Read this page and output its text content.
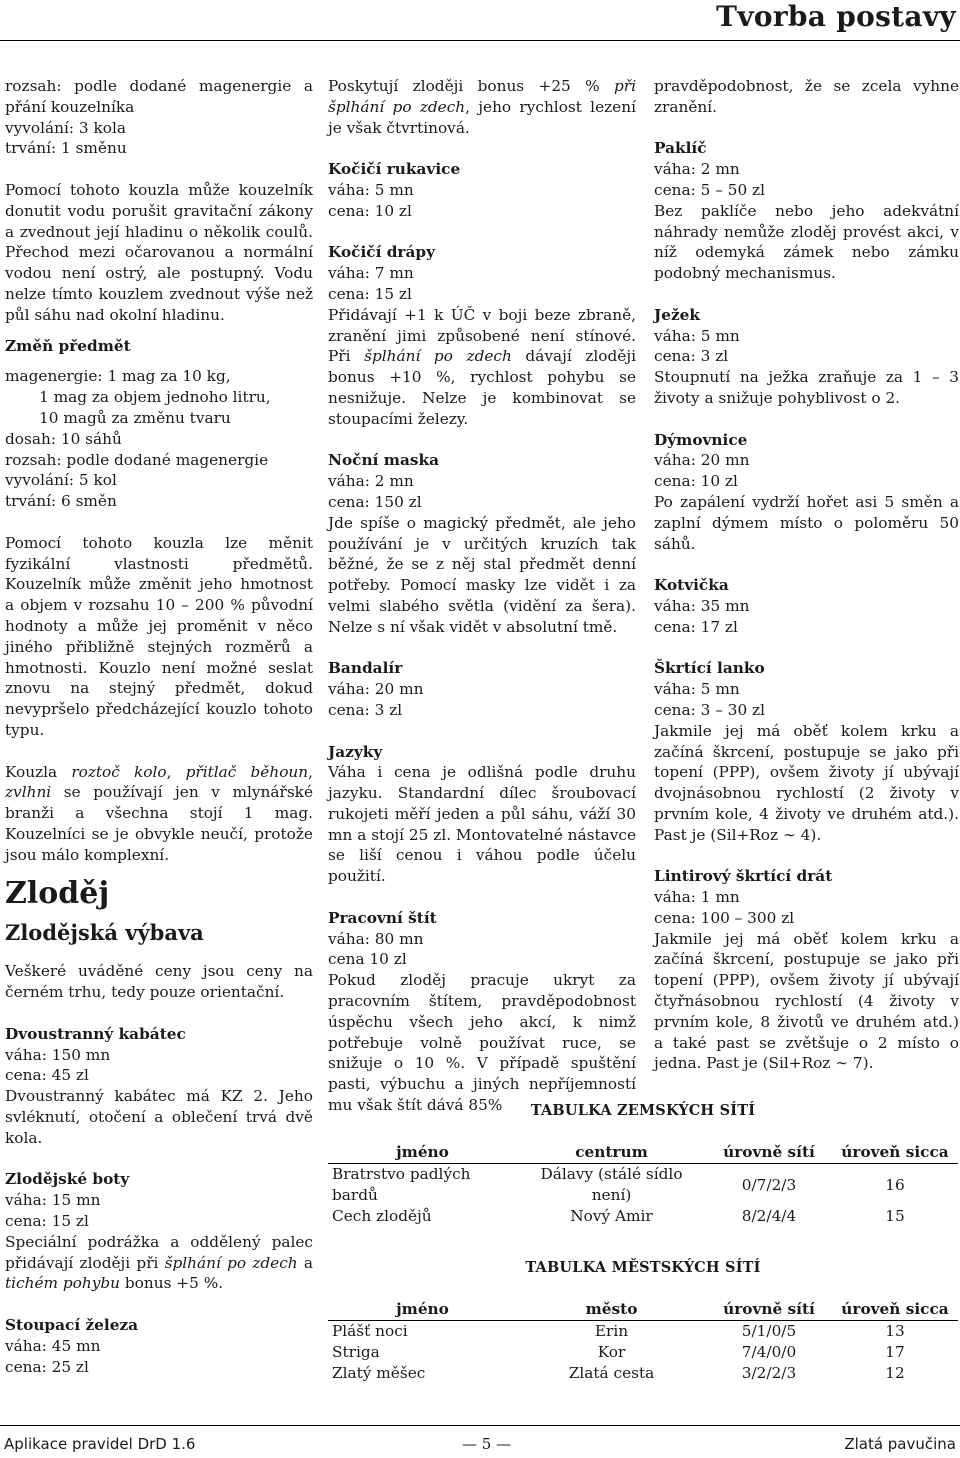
Tvorba postavy

rozsah: podle dodané magenergie a přání kouzelníka

vyvolání: 3 kola

trvání: 1 směnu

Pomocí tohoto kouzla může kouzelník donutit vodu porušit gravitační zákony a zvednout její hladinu o několik coulů. Přechod mezi očarovanou a normální vodou není ostrý, ale postupný. Vodu nelze tímto kouzlem zvednout výše než půl sáhu nad okolní hladinu.

Změň předmět

magenergie: 1 mag za 10 kg,

1 mag za objem jednoho litru,

10 magů za změnu tvaru

dosah: 10 sáhů

rozsah: podle dodané magenergie

vyvolání: 5 kol

trvání: 6 směn

Pomocí tohoto kouzla lze měnit fyzikální vlastnosti předmětů. Kouzelník může změnit jeho hmotnost a objem v rozsahu 10 – 200 % původní hodnoty a může jej proměnit v něco jiného přibližně stejných rozměrů a hmotnosti. Kouzlo není možné seslat znovu na stejný předmět, dokud nevypršelo předcházející kouzlo tohoto typu.

Kouzla roztoč kolo, přitlač běhoun, zvlhni se používají jen v mlynářské branži a všechna stojí 1 mag. Kouzelníci se je obvykle neučí, protože jsou málo komplexní.

Zloděj
Zlodějská výbava

Veškeré uváděné ceny jsou ceny na černém trhu, tedy pouze orientační.

Dvoustranný kabátec

váha: 150 mn

cena: 45 zl

Dvoustranný kabátec má KZ 2. Jeho svléknutí, otočení a oblečení trvá dvě kola.

Zlodějské boty

váha: 15 mn

cena: 15 zl

Speciální podrážka a oddělený palec přidávají zloději při šplhání po zdech a tichém pohybu bonus +5 %.

Stoupací železa

váha: 45 mn

cena: 25 zl

Poskytují zloději bonus +25 % při šplhání po zdech, jeho rychlost lezení je však čtvrtinová.

Kočičí rukavice

váha: 5 mn

cena: 10 zl

Kočičí drápy

váha: 7 mn

cena: 15 zl

Přidávají +1 k ÚČ v boji beze zbraně, zranění jimi způsobené není stínové. Při šplhání po zdech dávají zloději bonus +10 %, rychlost pohybu se nesnižuje. Nelze je kombinovat se stoupacími železy.

Noční maska

váha: 2 mn

cena: 150 zl

Jde spíše o magický předmět, ale jeho používání je v určitých kruzích tak běžné, že se z něj stal předmět denní potřeby. Pomocí masky lze vidět i za velmi slabého světla (vidění za šera). Nelze s ní však vidět v absolutní tmě.

Bandalír

váha: 20 mn

cena: 3 zl

Jazyky

Váha i cena je odlišná podle druhu jazyku. Standardní dílec šroubovací rukojeti měří jeden a půl sáhu, váží 30 mn a stojí 25 zl. Montovatelné nástavce se liší cenou i váhou podle účelu použití.

Pracovní štít

váha: 80 mn

cena 10 zl

Pokud zloděj pracuje ukryt za pracovním štítem, pravděpodobnost úspěchu všech jeho akcí, k nimž potřebuje volně používat ruce, se snižuje o 10 %. V případě spuštění pasti, výbuchu a jiných nepříjemností mu však štít dává 85%

pravděpodobnost, že se zcela vyhne zranění.

Paklíč

váha: 2 mn

cena: 5 – 50 zl

Bez paklíče nebo jeho adekvátní náhrady nemůže zloděj provést akci, v níž odemyká zámek nebo zámku podobný mechanismus.

Ježek

váha: 5 mn

cena: 3 zl

Stoupnutí na ježka zraňuje za 1 – 3 životy a snižuje pohyblivost o 2.

Dýmovnice

váha: 20 mn

cena: 10 zl

Po zapálení vydrží hořet asi 5 směn a zaplní dýmem místo o poloměru 50 sáhů.

Kotvička

váha: 35 mn

cena: 17 zl

Škrtící lanko

váha: 5 mn

cena: 3 – 30 zl

Jakmile jej má oběť kolem krku a začíná škrcení, postupuje se jako při topení (PPP), ovšem životy jí ubývají dvojnásobnou rychlostí (2 životy v prvním kole, 4 životy ve druhém atd.). Past je (Sil+Roz ∼ 4).

Lintirový škrtící drát

váha: 1 mn

cena: 100 – 300 zl

Jakmile jej má oběť kolem krku a začíná škrcení, postupuje se jako při topení (PPP), ovšem životy jí ubývají čtyřnásobnou rychlostí (4 životy v prvním kole, 8 životů ve druhém atd.) a také past se zvětšuje o 2 místo o jedna. Past je (Sil+Roz ∼ 7).

TABULKA ZEMSKÝCH SÍTÍ
jméno	centrum	úrovně sítí	úroveň sicca
Bratrstvo padlých bardů	Dálavy (stálé sídlo není)	0/7/2/3	16
Cech zlodějů	Nový Amir	8/2/4/4	15
TABULKA MĚSTSKÝCH SÍTÍ
jméno	město	úrovně sítí	úroveň sicca
Plášť noci	Erin	5/1/0/5	13
Striga	Kor	7/4/0/0	17
Zlatý měšec	Zlatá cesta	3/2/2/3	12
Aplikace pravidel DrD 1.6	— 5 —	Zlatá pavučina
